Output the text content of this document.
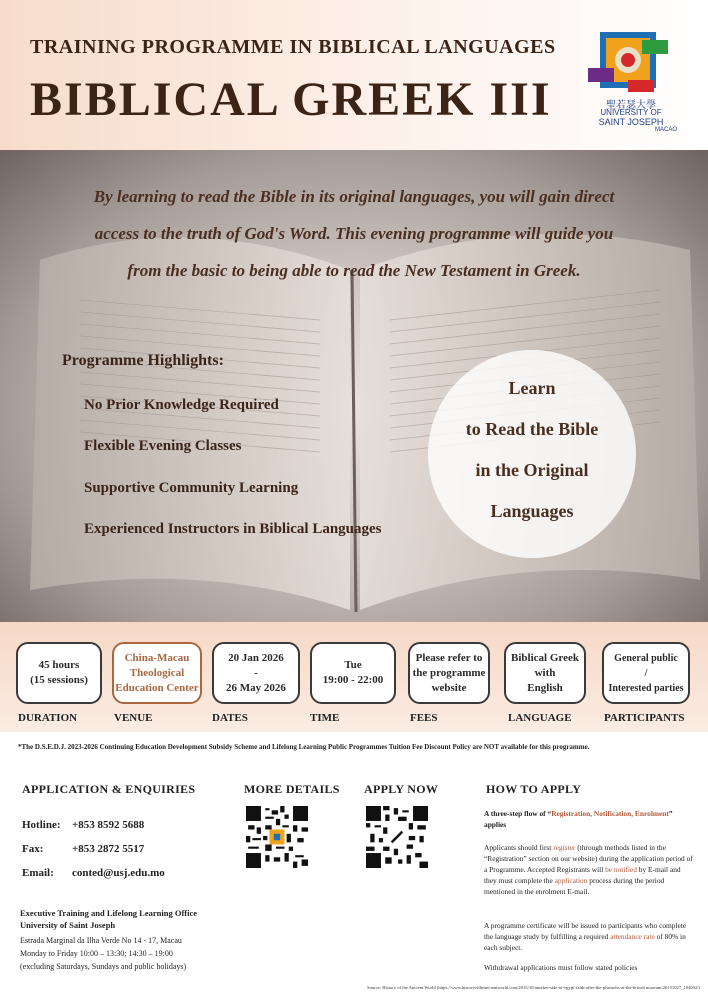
TRAINING PROGRAMME IN BIBLICAL LANGUAGES
BIBLICAL GREEK III	聖若瑟大學
UNIVERSITY OF
SAINT JOSEPH
MACAO
By learning to read the Bible in its original languages, you will gain direct
access to the truth of God's Word. This evening programme will guide you
from the basic to being able to read the New Testament in Greek.
Programme Highlights:
No Prior Knowledge Required
Flexible Evening Classes
Supportive Community Learning
Experienced Instructors in Biblical Languages
Learn
to Read the Bible
in the Original
Languages
45 hours
(15 sessions)
DURATION
China-Macau
Theological
Education Center
VENUE
20 Jan 2026
-
26 May 2026
DATES
Tue
19:00 - 22:00
TIME
Please refer to
the programme
website
FEES
Biblical Greek
with
English
LANGUAGE
General public
/
Interested parties
PARTICIPANTS
*The D.S.E.D.J. 2023-2026 Continuing Education Development Subsidy Scheme and Lifelong Learning Public Programmes Tuition Fee Discount Policy are NOT available for this programme.
APPLICATION & ENQUIRIES
Hotline: +853 8592 5688
Fax:	+853 2872 5517
Email: conted@usj.edu.mo
Executive Training and Lifelong Learning Office
University of Saint Joseph
Estrada Marginal da Ilha Verde No 14 - 17, Macau
Monday to Friday 10:00 – 13:30; 14:30 – 19:00
(excluding Saturdays, Sundays and public holidays)
MORE DETAILS APPLY NOW	HOW TO APPLY
A three-step flow of “Registration, Notification, Enrolment” applies
Applicants should first register (through methods listed in the “Registration” section on our website) during the application period of a Programme. Accepted Registrants will be notified by E-mail and they must complete the application process during the period mentioned in the enrolment E-mail.
A programme certificate will be issued to participants who complete the language study by fulfilling a required attendance rate of 80% in each subject.
Withdrawal applications must follow stated policies
Source: History of the Ancient World (https://www.historyoftheancientworld.com/2015/10/another-side-of-egypt-faith-after-the-pharaohs-at-the-british museum/20151027_104002/)
